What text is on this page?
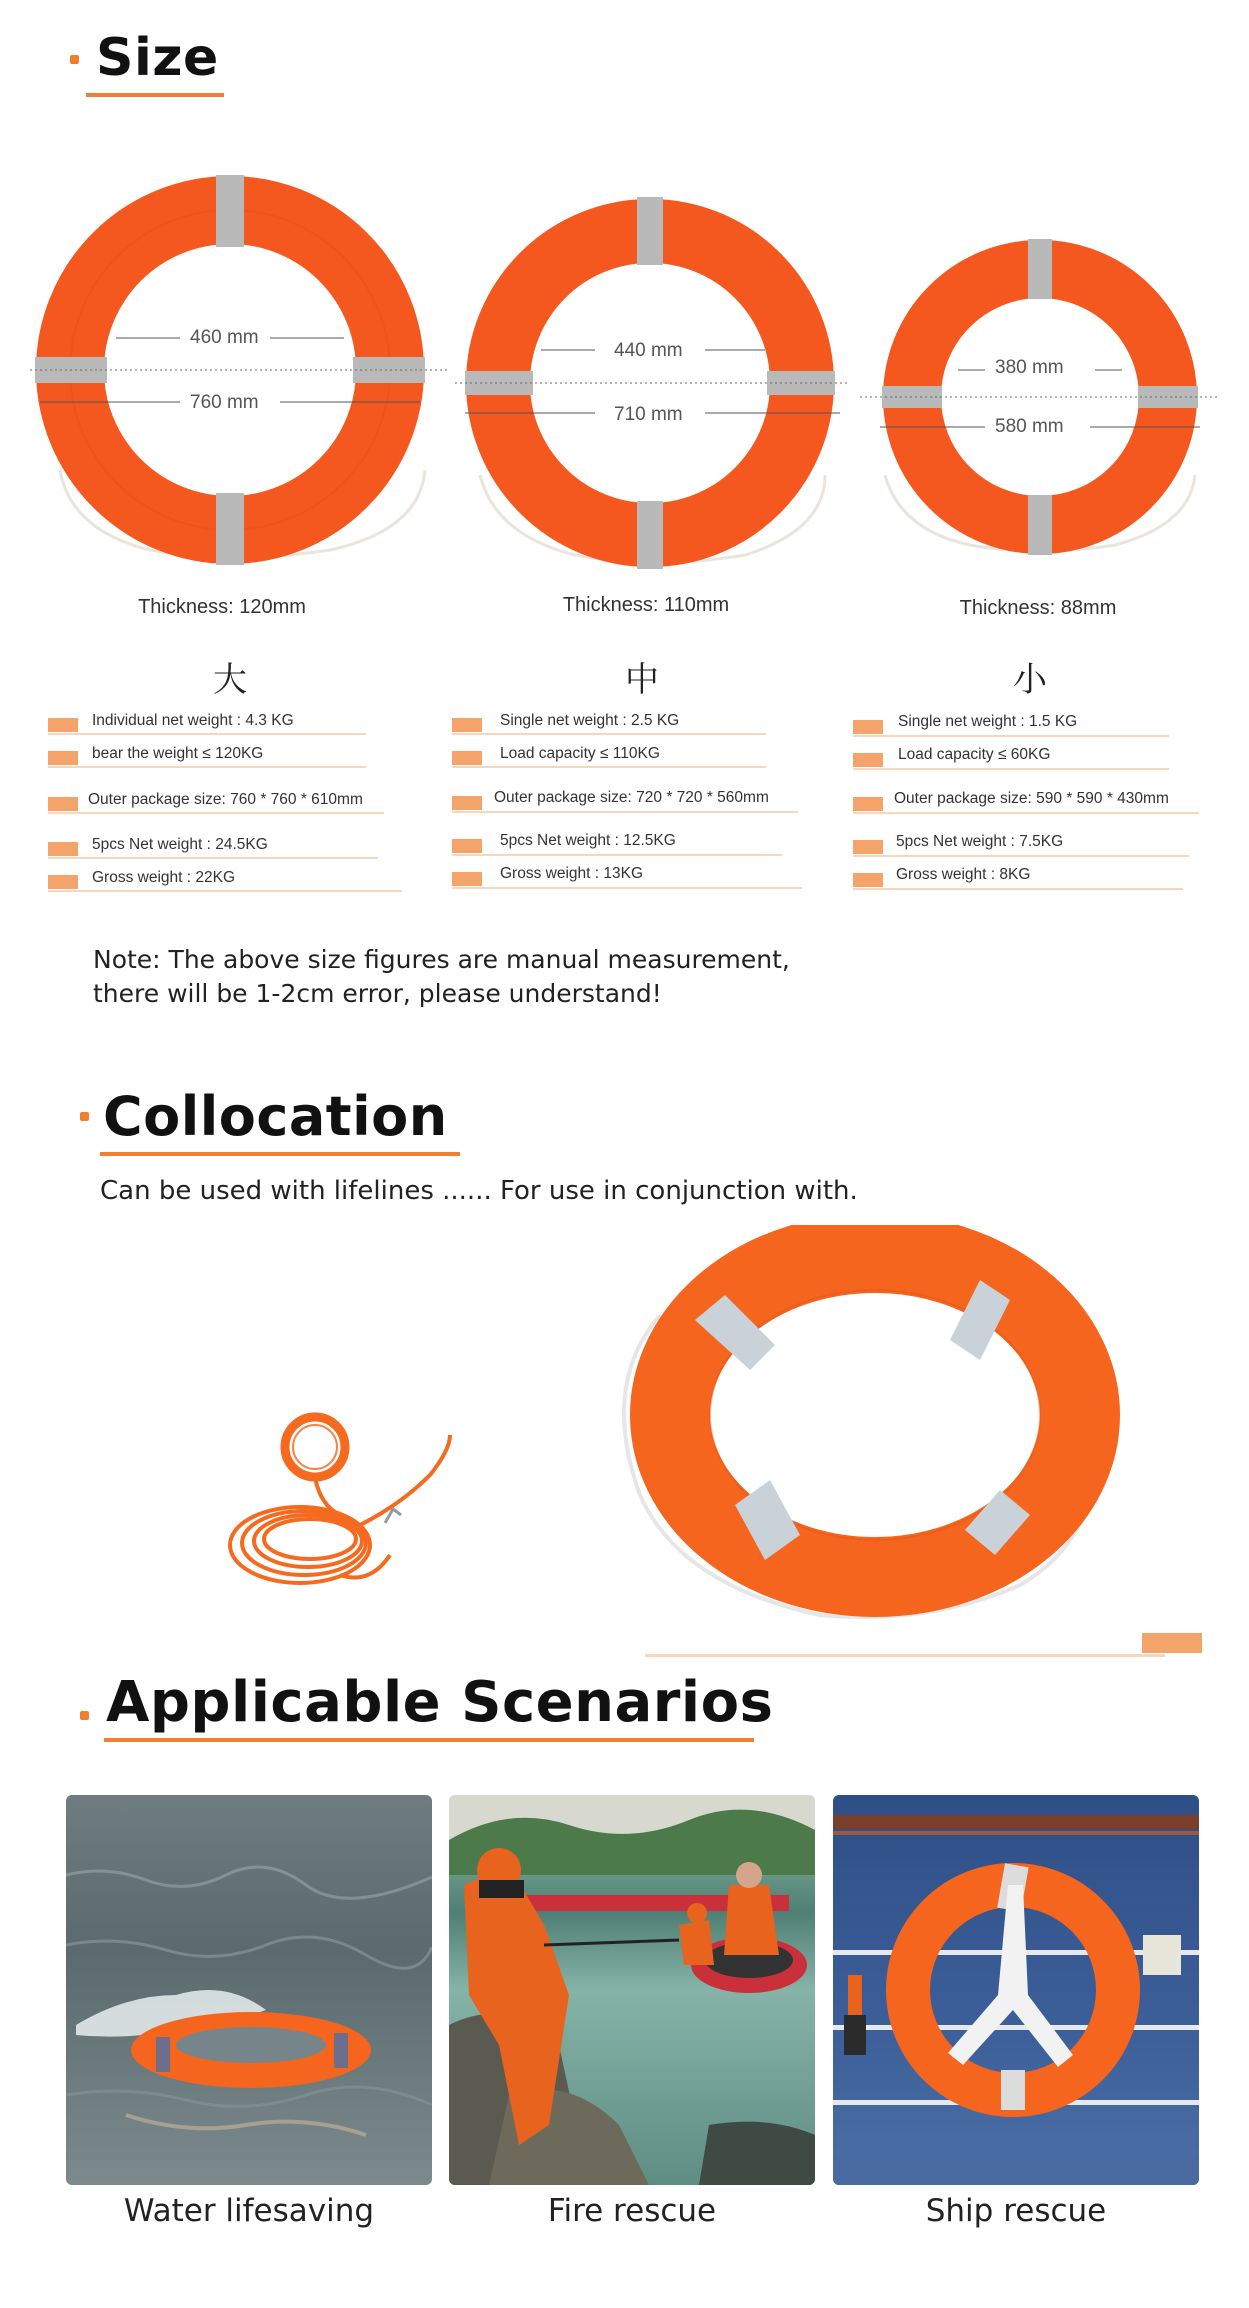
Size
460 mm
760 mm
440 mm
710 mm
380 mm
580 mm
Thickness: 120mm	Thickness: 110mm	Thickness: 88mm
大	中	小
Individual net weight : 4.3 KG
bear the weight ≤ 120KG
Outer package size: 760 * 760 * 610mm
5pcs Net weight : 24.5KG
Gross weight : 22KG
Single net weight : 2.5 KG
Load capacity ≤ 110KG
Outer package size: 720 * 720 * 560mm
5pcs Net weight : 12.5KG
Gross weight : 13KG
Single net weight : 1.5 KG
Load capacity ≤ 60KG
Outer package size: 590 * 590 * 430mm
5pcs Net weight : 7.5KG
Gross weight : 8KG
Note: The above size figures are manual measurement,
there will be 1-2cm error, please understand!
Collocation
Can be used with lifelines ...... For use in conjunction with.
Applicable Scenarios
Water lifesaving	Fire rescue	Ship rescue
